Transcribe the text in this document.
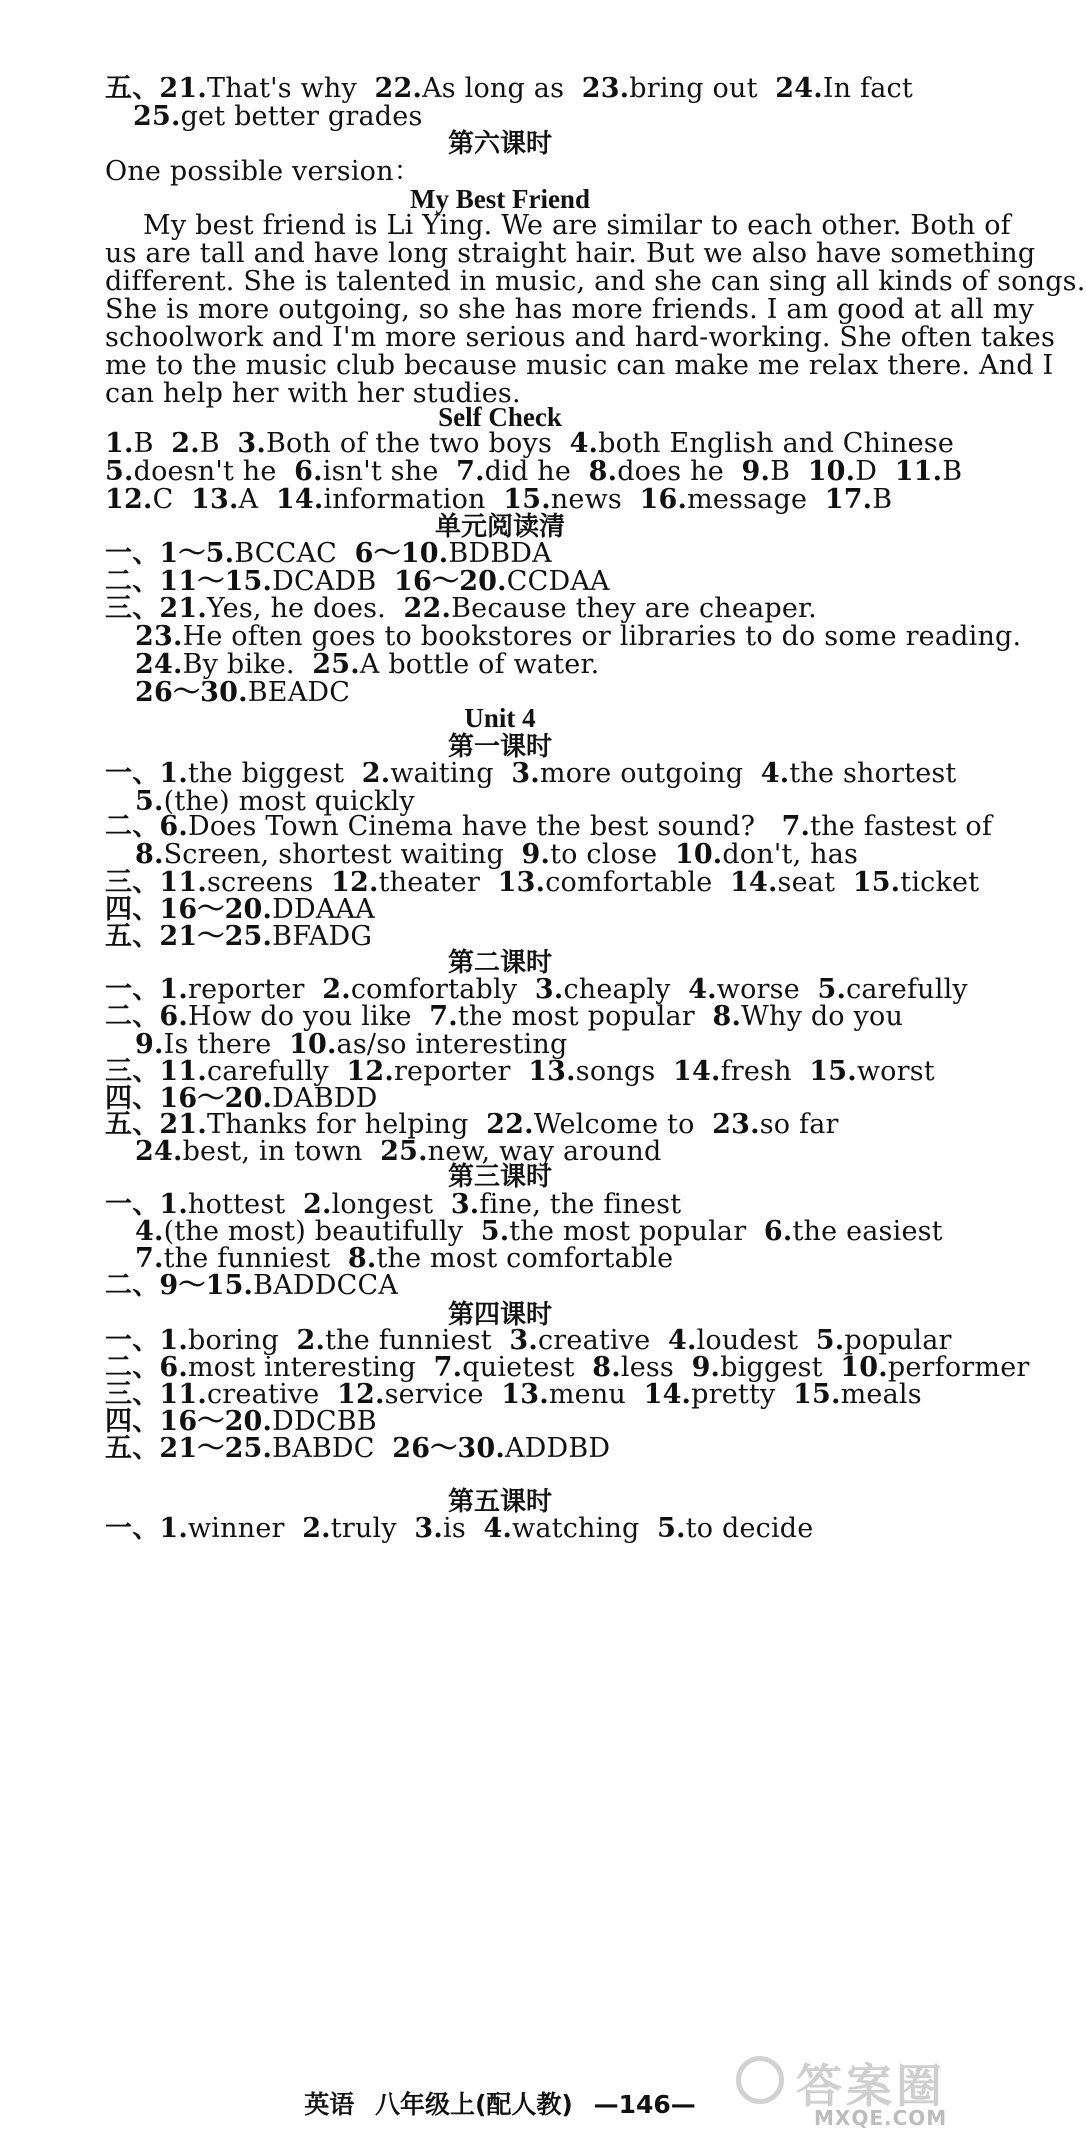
第六课时
My Best Friend
Self Check
单元阅读清
Unit 4
第一课时
第二课时
第三课时
第四课时
第五课时
五、21.That's why  22.As long as  23.bring out  24.In fact
25.get better grades
One possible version：
My best friend is Li Ying. We are similar to each other. Both of
us are tall and have long straight hair. But we also have something
different. She is talented in music, and she can sing all kinds of songs.
She is more outgoing, so she has more friends. I am good at all my
schoolwork and I'm more serious and hard-working. She often takes
me to the music club because music can make me relax there. And I
can help her with her studies.
1.B  2.B  3.Both of the two boys  4.both English and Chinese
5.doesn't he  6.isn't she  7.did he  8.does he  9.B  10.D  11.B
12.C  13.A  14.information  15.news  16.message  17.B
一、1～5.BCCAC  6～10.BDBDA
二、11～15.DCADB  16～20.CCDAA
三、21.Yes, he does.  22.Because they are cheaper.
23.He often goes to bookstores or libraries to do some reading.
24.By bike.  25.A bottle of water.
26～30.BEADC
一、1.the biggest  2.waiting  3.more outgoing  4.the shortest
5.(the) most quickly
二、6.Does Town Cinema have the best sound?   7.the fastest of
8.Screen, shortest waiting  9.to close  10.don't, has
三、11.screens  12.theater  13.comfortable  14.seat  15.ticket
四、16～20.DDAAA
五、21～25.BFADG
一、1.reporter  2.comfortably  3.cheaply  4.worse  5.carefully
二、6.How do you like  7.the most popular  8.Why do you
9.Is there  10.as/so interesting
三、11.carefully  12.reporter  13.songs  14.fresh  15.worst
四、16～20.DABDD
五、21.Thanks for helping  22.Welcome to  23.so far
24.best, in town  25.new, way around
一、1.hottest  2.longest  3.fine, the finest
4.(the most) beautifully  5.the most popular  6.the easiest
7.the funniest  8.the most comfortable
二、9～15.BADDCCA
一、1.boring  2.the funniest  3.creative  4.loudest  5.popular
二、6.most interesting  7.quietest  8.less  9.biggest  10.performer
三、11.creative  12.service  13.menu  14.pretty  15.meals
四、16～20.DDCBB
五、21～25.BABDC  26～30.ADDBD
一、1.winner  2.truly  3.is  4.watching  5.to decide
英语 八年级上(配人教) —146—	答案圈
MXQE.COM
